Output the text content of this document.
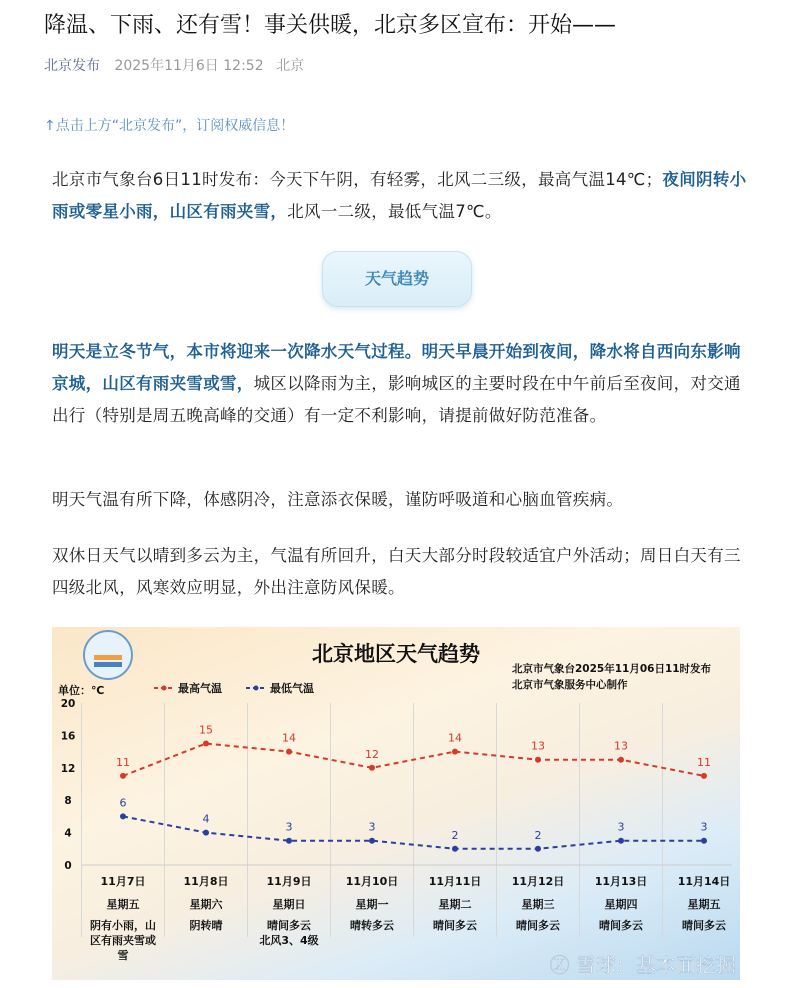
降温、下雨、还有雪！事关供暖，北京多区宣布：开始——
北京发布 2025年11月6日 12:52 北京
↑点击上方“北京发布”，订阅权威信息！
北京市气象台6日11时发布：今天下午阴，有轻雾，北风二三级，最高气温14℃；夜间阴转小雨或零星小雨，山区有雨夹雪，北风一二级，最低气温7℃。
天气趋势
明天是立冬节气，本市将迎来一次降水天气过程。明天早晨开始到夜间，降水将自西向东影响京城，山区有雨夹雪或雪，城区以降雨为主，影响城区的主要时段在中午前后至夜间，对交通出行（特别是周五晚高峰的交通）有一定不利影响，请提前做好防范准备。
明天气温有所下降，体感阴冷，注意添衣保暖，谨防呼吸道和心脑血管疾病。
双休日天气以晴到多云为主，气温有所回升，白天大部分时段较适宜户外活动；周日白天有三四级北风，风寒效应明显，外出注意防风保暖。
北京地区天气趋势
北京市气象台2025年11月06日11时发布
北京市气象服务中心制作
单位：℃	最高气温	最低气温
0
4
8
12
16
20
11
15
14
12
14
13	13
11
6
4
3	3
2	2
3	3
11月7日
星期五
阴有小雨，山区有雨夹雪或雪
11月8日
星期六
阴转晴
11月9日
星期日
晴间多云北风3、4级
11月10日
星期一
晴转多云
11月11日
星期二
晴间多云
11月12日
星期三
晴间多云
11月13日
星期四
晴间多云
11月14日
星期五
晴间多云
Ⓧ 雪球：基本面挖掘
